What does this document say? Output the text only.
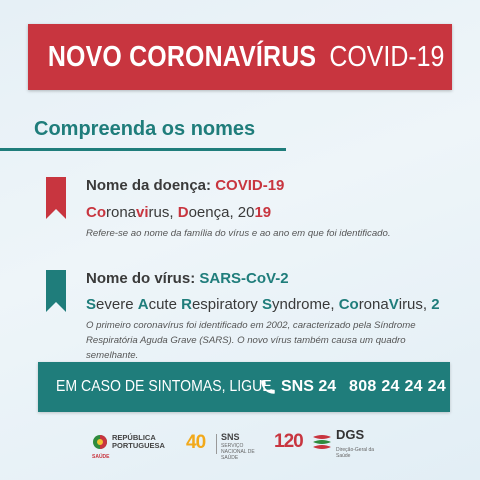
NOVO CORONAVÍRUS COVID-19
Compreenda os nomes
Nome da doença: COVID-19
Coronavirus, Doença, 2019
Refere-se ao nome da família do vírus e ao ano em que foi identificado.
Nome do vírus: SARS-CoV-2
Severe Acute Respiratory Syndrome, CoronaVirus, 2
O primeiro coronavírus foi identificado em 2002, caracterizado pela Síndrome Respiratória Aguda Grave (SARS). O novo vírus também causa um quadro semelhante.
EM CASO DE SINTOMAS, LIGUE SNS 24 808 24 24 24
REPÚBLICA
PORTUGUESA
SAÚDE
40 SNS
SERVIÇO NACIONAL DE SAÚDE
120	DGS
Direção-Geral da Saúde
